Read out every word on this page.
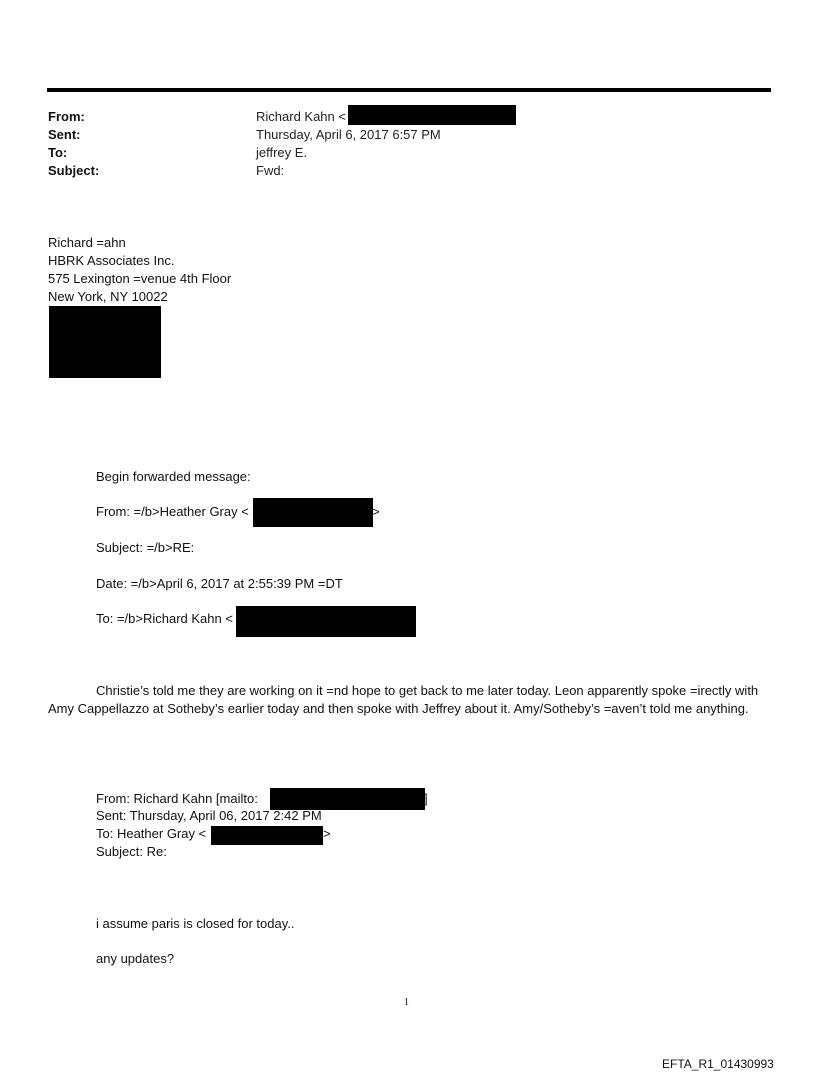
From:	Richard Kahn <
Sent:	Thursday, April 6, 2017 6:57 PM
To:	jeffrey E.
Subject:	Fwd:
Richard =ahn
HBRK Associates Inc.
575 Lexington =venue 4th Floor
New York, NY 10022
Begin forwarded message:
From: =/b>Heather Gray <	>
Subject: =/b>RE:
Date: =/b>April 6, 2017 at 2:55:39 PM =DT
To: =/b>Richard Kahn <
Christie’s told me they are working on it =nd hope to get back to me later today. Leon apparently spoke =irectly with Amy Cappellazzo at Sotheby’s earlier today and then spoke with Jeffrey about it. Amy/Sotheby’s =aven’t told me anything.
From: Richard Kahn [mailto:	]
Sent: Thursday, April 06, 2017 2:42 PM
To: Heather Gray <	>
Subject: Re:
i assume paris is closed for today..
any updates?
1
EFTA_R1_01430993
